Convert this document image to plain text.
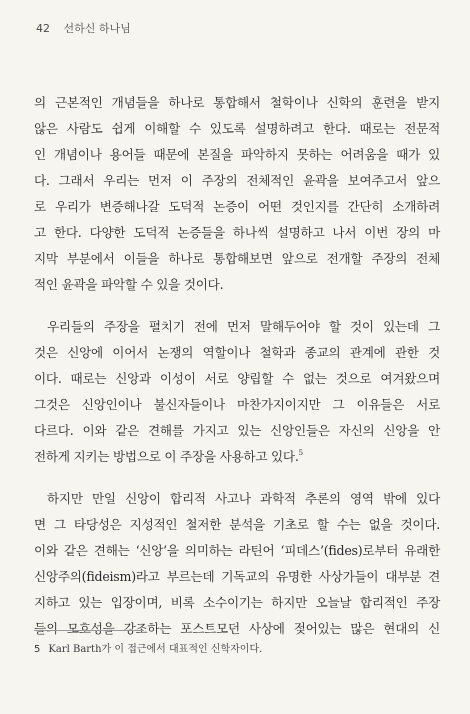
42 선하신 하나님
의 근본적인 개념들을 하나로 통합해서 철학이나 신학의 훈련을 받지
않은 사람도 쉽게 이해할 수 있도록 설명하려고 한다. 때로는 전문적
인 개념이나 용어들 때문에 본질을 파악하지 못하는 어려움을 때가 있
다. 그래서 우리는 먼저 이 주장의 전체적인 윤곽을 보여주고서 앞으
로 우리가 변증해나갈 도덕적 논증이 어떤 것인지를 간단히 소개하려
고 한다. 다양한 도덕적 논증들을 하나씩 설명하고 나서 이번 장의 마
지막 부분에서 이들을 하나로 통합해보면 앞으로 전개할 주장의 전체
적인 윤곽을 파악할 수 있을 것이다.
우리들의 주장을 펼치기 전에 먼저 말해두어야 할 것이 있는데 그
것은 신앙에 이어서 논쟁의 역할이나 철학과 종교의 관계에 관한 것
이다. 때로는 신앙과 이성이 서로 양립할 수 없는 것으로 여겨왔으며
그것은 신앙인이나 불신자들이나 마찬가지이지만 그 이유들은 서로
다르다. 이와 같은 견해를 가지고 있는 신앙인들은 자신의 신앙을 안
전하게 지키는 방법으로 이 주장을 사용하고 있다.$^5$
하지만 만일 신앙이 합리적 사고나 과학적 추론의 영역 밖에 있다
면 그 타당성은 지성적인 철저한 분석을 기초로 할 수는 없을 것이다.
이와 같은 견해는 ‘신앙’을 의미하는 라틴어 ‘피데스’(fides)로부터 유래한
신앙주의(fideism)라고 부르는데 기독교의 유명한 사상가들이 대부분 견
지하고 있는 입장이며, 비록 소수이기는 하지만 오늘날 합리적인 주장
들의 모호성을 강조하는 포스트모던 사상에 젖어있는 많은 현대의 신
5 Karl Barth가 이 접근에서 대표적인 신학자이다.
